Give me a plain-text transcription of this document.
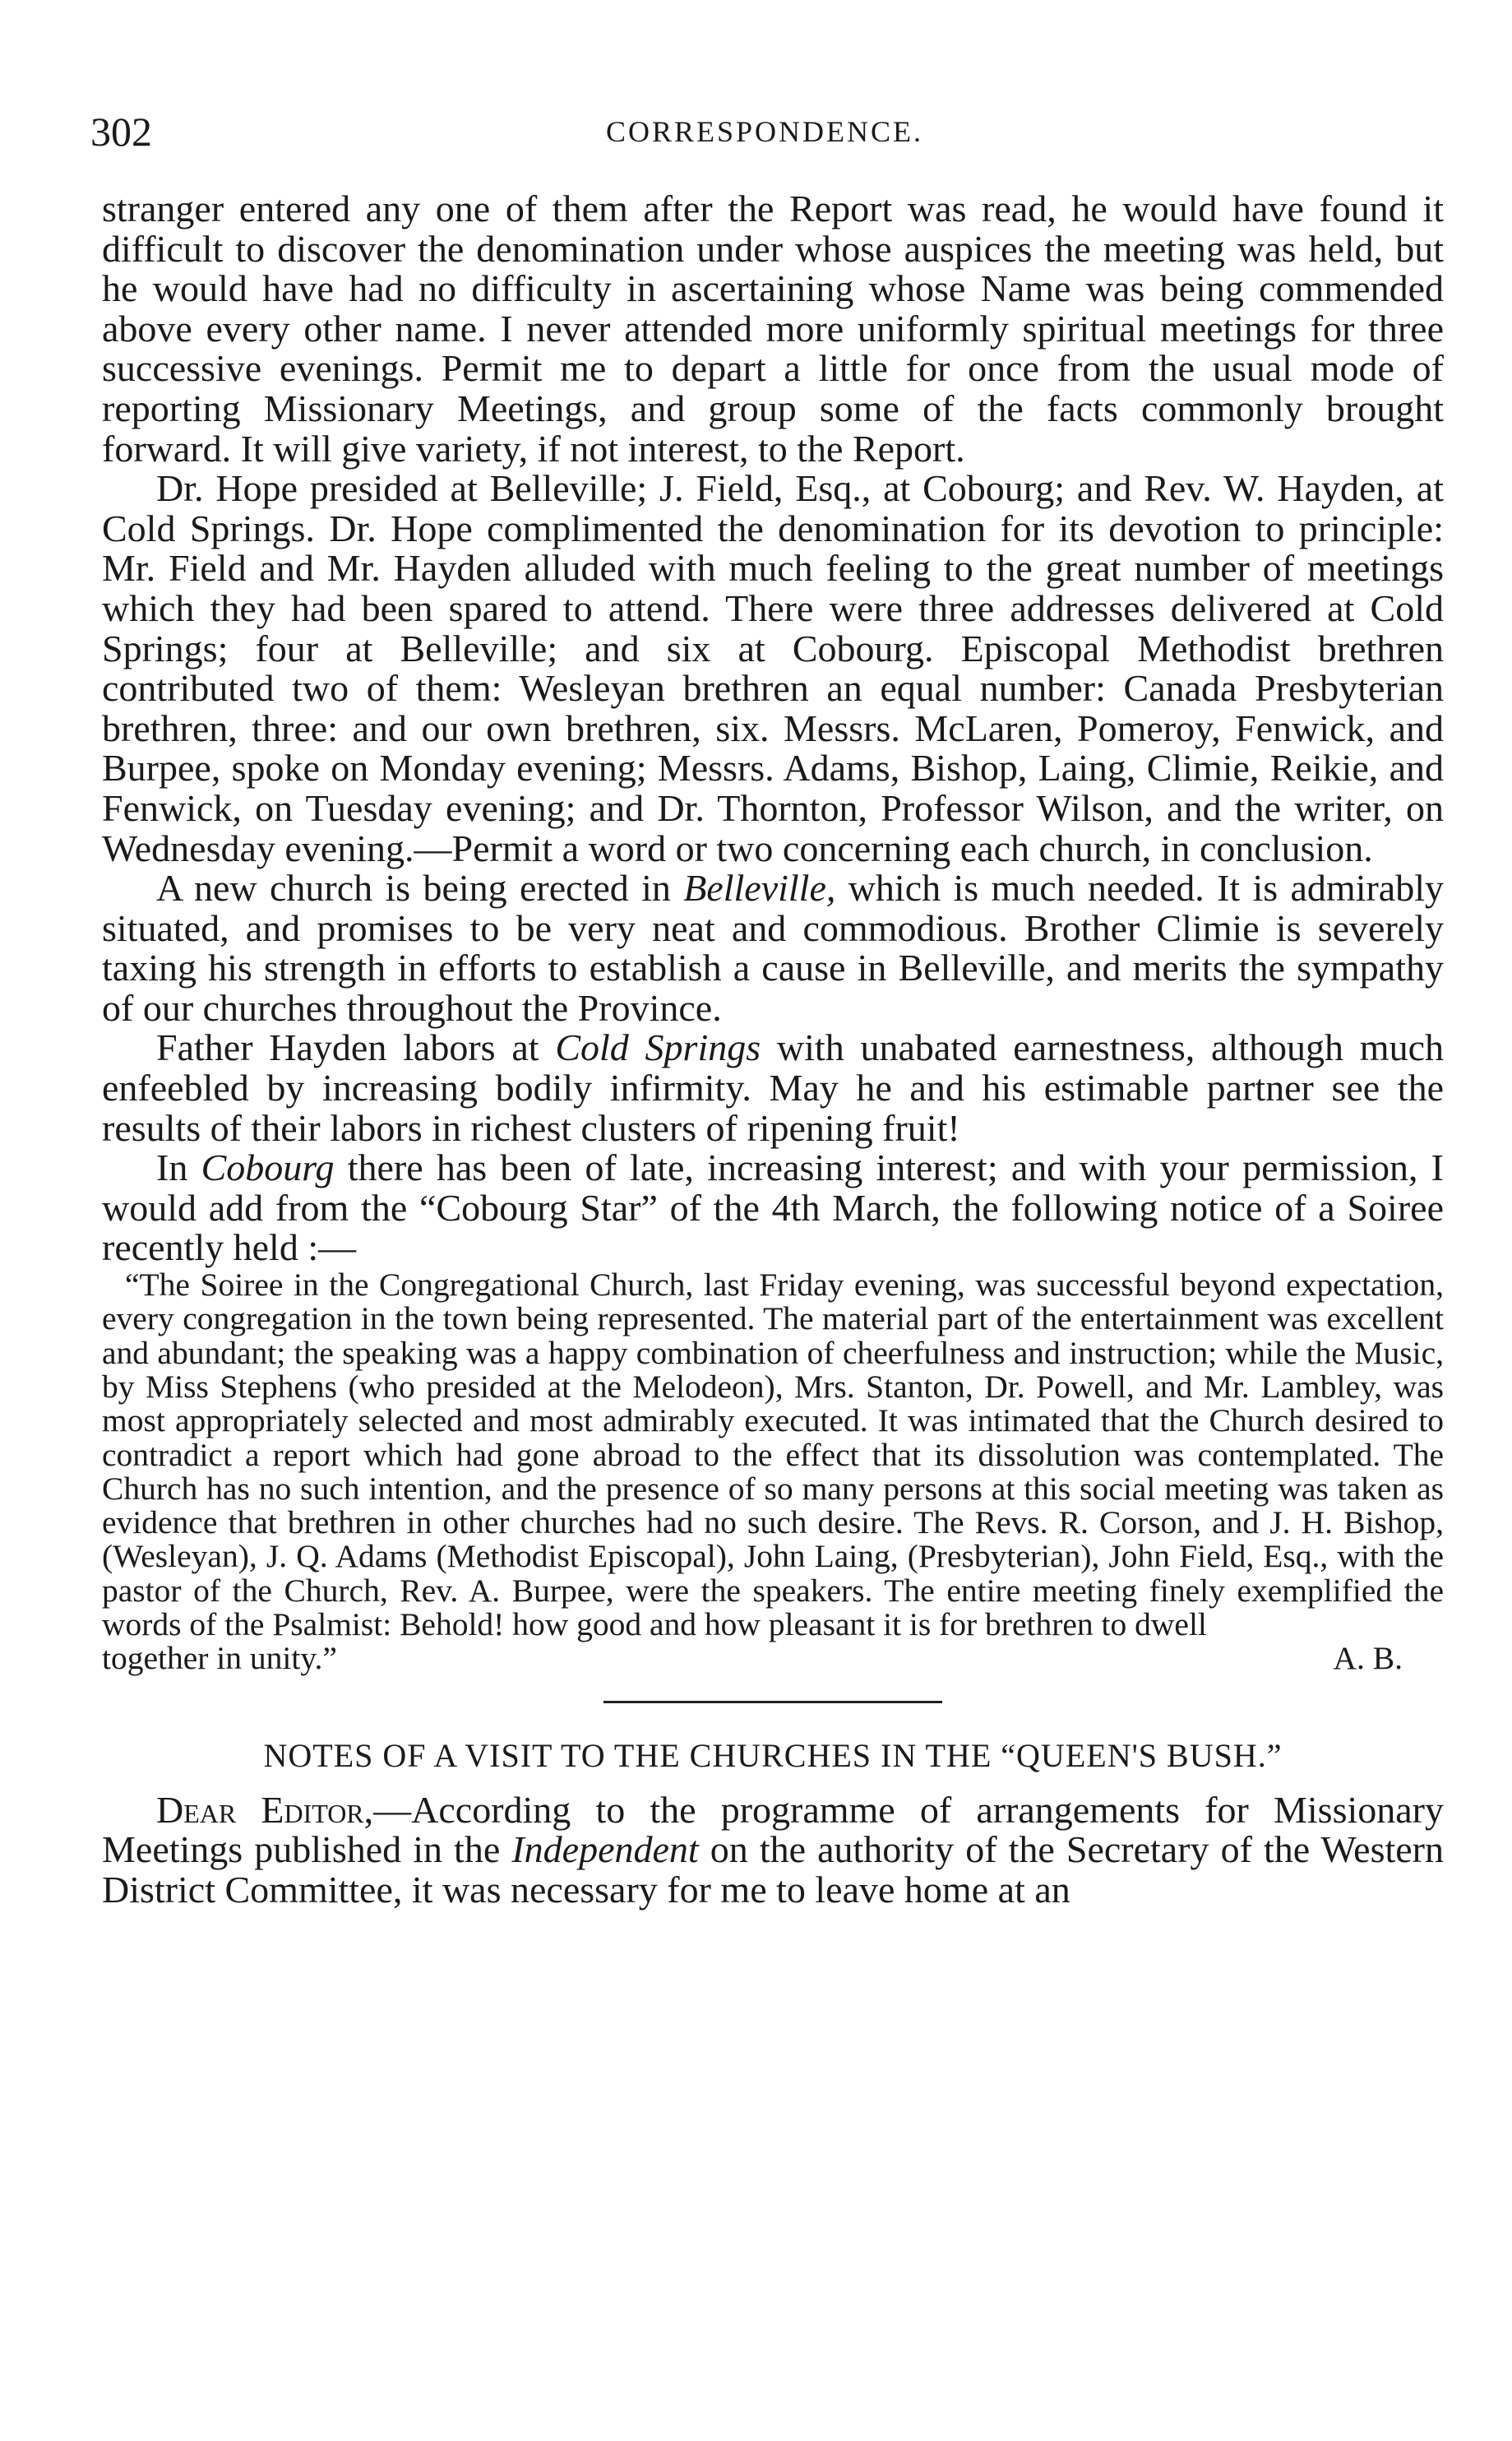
302	CORRESPONDENCE.

stranger entered any one of them after the Report was read, he would have found it difficult to discover the denomination under whose auspices the meeting was held, but he would have had no difficulty in ascertaining whose Name was being commended above every other name. I never attended more uniformly spiritual meetings for three successive evenings. Permit me to depart a little for once from the usual mode of reporting Missionary Meetings, and group some of the facts commonly brought forward. It will give variety, if not interest, to the Report.

Dr. Hope presided at Belleville; J. Field, Esq., at Cobourg; and Rev. W. Hayden, at Cold Springs. Dr. Hope complimented the denomination for its devotion to principle: Mr. Field and Mr. Hayden alluded with much feeling to the great number of meetings which they had been spared to attend. There were three addresses delivered at Cold Springs; four at Belleville; and six at Cobourg. Episcopal Methodist brethren contributed two of them: Wesleyan brethren an equal number: Canada Presbyterian brethren, three: and our own brethren, six. Messrs. McLaren, Pomeroy, Fenwick, and Burpee, spoke on Monday evening; Messrs. Adams, Bishop, Laing, Climie, Reikie, and Fenwick, on Tuesday evening; and Dr. Thornton, Professor Wilson, and the writer, on Wednesday evening.—Permit a word or two concerning each church, in conclusion.

A new church is being erected in Belleville, which is much needed. It is admirably situated, and promises to be very neat and commodious. Brother Climie is severely taxing his strength in efforts to establish a cause in Belleville, and merits the sympathy of our churches throughout the Province.

Father Hayden labors at Cold Springs with unabated earnestness, although much enfeebled by increasing bodily infirmity. May he and his estimable partner see the results of their labors in richest clusters of ripening fruit!

In Cobourg there has been of late, increasing interest; and with your permission, I would add from the “Cobourg Star” of the 4th March, the following notice of a Soiree recently held :—

“The Soiree in the Congregational Church, last Friday evening, was successful beyond expectation, every congregation in the town being represented. The material part of the entertainment was excellent and abundant; the speaking was a happy combination of cheerfulness and instruction; while the Music, by Miss Stephens (who presided at the Melodeon), Mrs. Stanton, Dr. Powell, and Mr. Lambley, was most appropriately selected and most admirably executed. It was intimated that the Church desired to contradict a report which had gone abroad to the effect that its dissolution was contemplated. The Church has no such intention, and the presence of so many persons at this social meeting was taken as evidence that brethren in other churches had no such desire. The Revs. R. Corson, and J. H. Bishop, (Wesleyan), J. Q. Adams (Methodist Episcopal), John Laing, (Presbyterian), John Field, Esq., with the pastor of the Church, Rev. A. Burpee, were the speakers. The entire meeting finely exemplified the words of the Psalmist: Behold! how good and how pleasant it is for brethren to dwell

together in unity.”	A. B.
NOTES OF A VISIT TO THE CHURCHES IN THE “QUEEN'S BUSH.”

Dear Editor,—According to the programme of arrangements for Missionary Meetings published in the Independent on the authority of the Secretary of the Western District Committee, it was necessary for me to leave home at an
